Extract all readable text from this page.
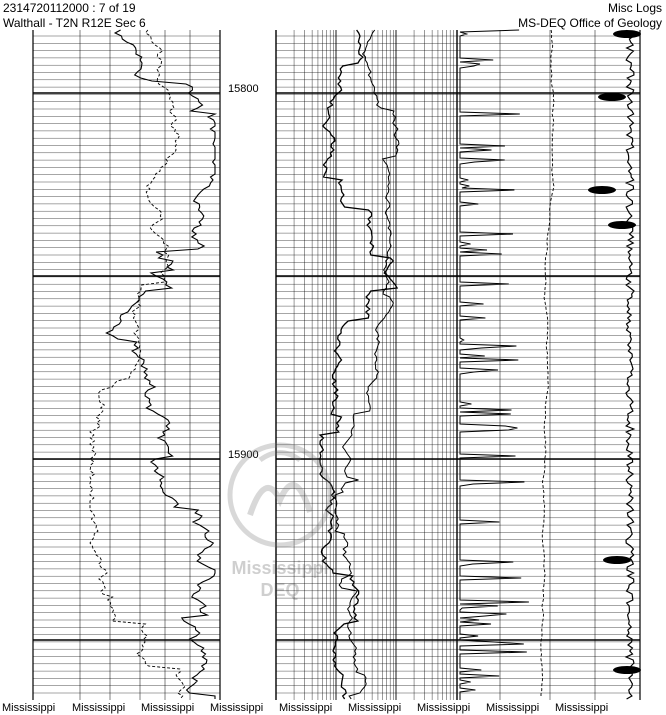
2314720112000 : 7 of 19
Walthall - T2N R12E Sec 6
Misc Logs
MS-DEQ Office of Geology
15800
15900
Mississippi
DEQ
Mississippi Mississippi Mississippi Mississippi Mississippi Mississippi Mississippi Mississippi Mississippi
